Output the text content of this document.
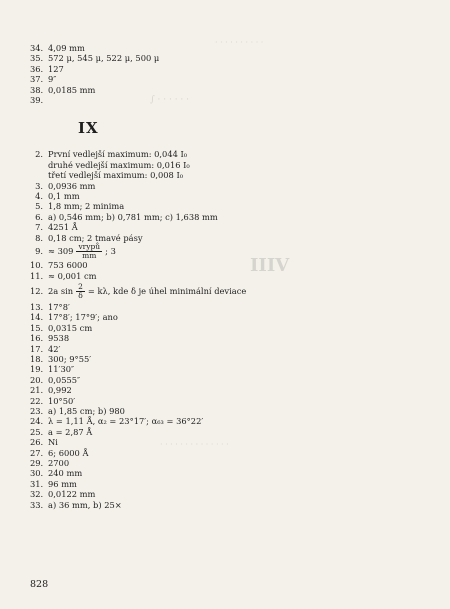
· · · · · · · · · ·
∫ · · · · · ·
IIIV
· · · · · · · · · · · · · ·
34. 4,09 mm
35. 572 μ, 545 μ, 522 μ, 500 μ
36. 127
37. 9″
38. 0,0185 mm
39.
IX
2. První vedlejší maximum: 0,044 I₀
druhé vedlejší maximum: 0,016 I₀
třetí vedlejší maximum: 0,008 I₀
3. 0,0936 mm
4. 0,1 mm
5. 1,8 mm; 2 minima
6. a) 0,546 mm; b) 0,781 mm; c) 1,638 mm
7. 4251 Å
8. 0,18 cm; 2 tmavé pásy
9. ≈ $309 \frac{\text{vrypů}}{mm}$ ; 3
10. 753 6000
11. ≈ 0,001 cm
12. 2a $\sin \frac{2}{\delta} = k\lambda$, kde δ je úhel minimální deviace
13. 17°8′
14. 17°8′; 17°9′; ano
15. 0,0315 cm
16. 9538
17. 42′
18. 300; 9°55′
19. 11′30″
20. 0,0555″
21. 0,992
22. 10°50′
23. a) 1,85 cm; b) 980
24. λ = 1,11 Å, α₂ = 23°17′; α₆₃ = 36°22′
25. a = 2,87 Å
26. Ni
27. 6; 6000 Å
29. 2700
30. 240 mm
31. 96 mm
32. 0,0122 mm
33. a) 36 mm, b) 25×
828
